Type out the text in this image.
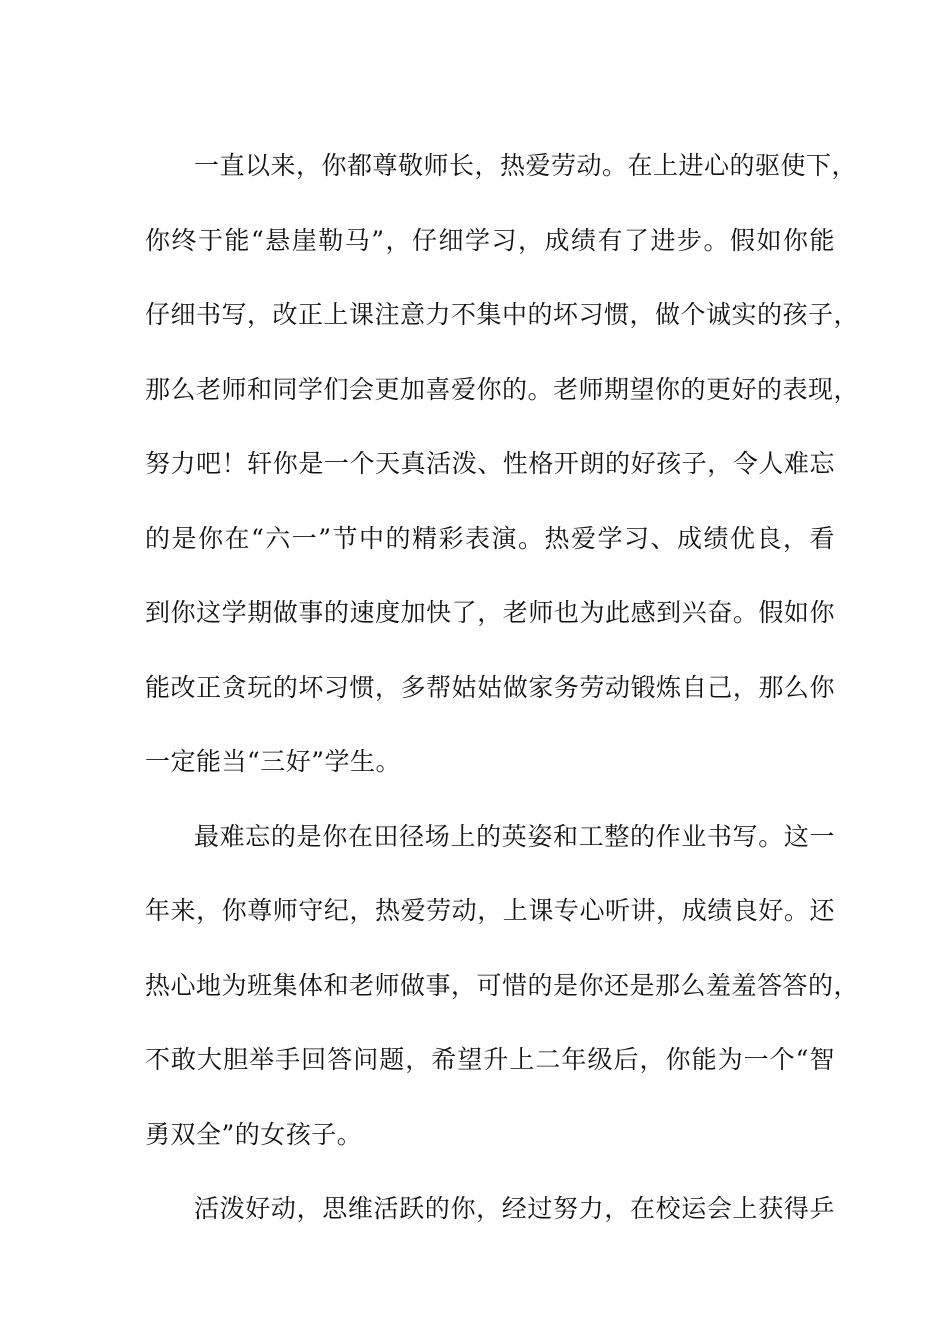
一直以来，你都尊敬师长，热爱劳动。在上进心的驱使下，
你终于能“悬崖勒马”，仔细学习，成绩有了进步。假如你能
仔细书写，改正上课注意力不集中的坏习惯，做个诚实的孩子，
那么老师和同学们会更加喜爱你的。老师期望你的更好的表现，
努力吧！轩你是一个天真活泼、性格开朗的好孩子，令人难忘
的是你在“六一”节中的精彩表演。热爱学习、成绩优良，看
到你这学期做事的速度加快了，老师也为此感到兴奋。假如你
能改正贪玩的坏习惯，多帮姑姑做家务劳动锻炼自己，那么你
一定能当“三好”学生。
最难忘的是你在田径场上的英姿和工整的作业书写。这一
年来，你尊师守纪，热爱劳动，上课专心听讲，成绩良好。还
热心地为班集体和老师做事，可惜的是你还是那么羞羞答答的，
不敢大胆举手回答问题，希望升上二年级后，你能为一个“智
勇双全”的女孩子。
活泼好动，思维活跃的你，经过努力，在校运会上获得乒
